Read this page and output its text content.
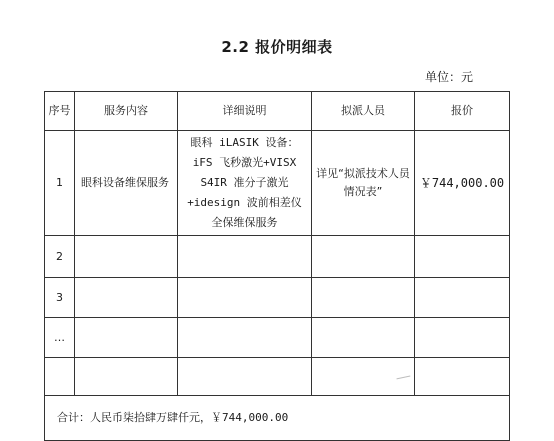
2.2 报价明细表
单位：元
序号	服务内容	详细说明	拟派人员	报价
1	眼科设备维保服务	眼科 iLASIK 设备：iFS 飞秒激光+VISX S4IR 准分子激光+idesign 波前相差仪全保维保服务	详见“拟派技术人员情况表”	￥744,000.00
2				
3				
…				

合计：人民币柒拾肆万肆仟元，￥744,000.00				
